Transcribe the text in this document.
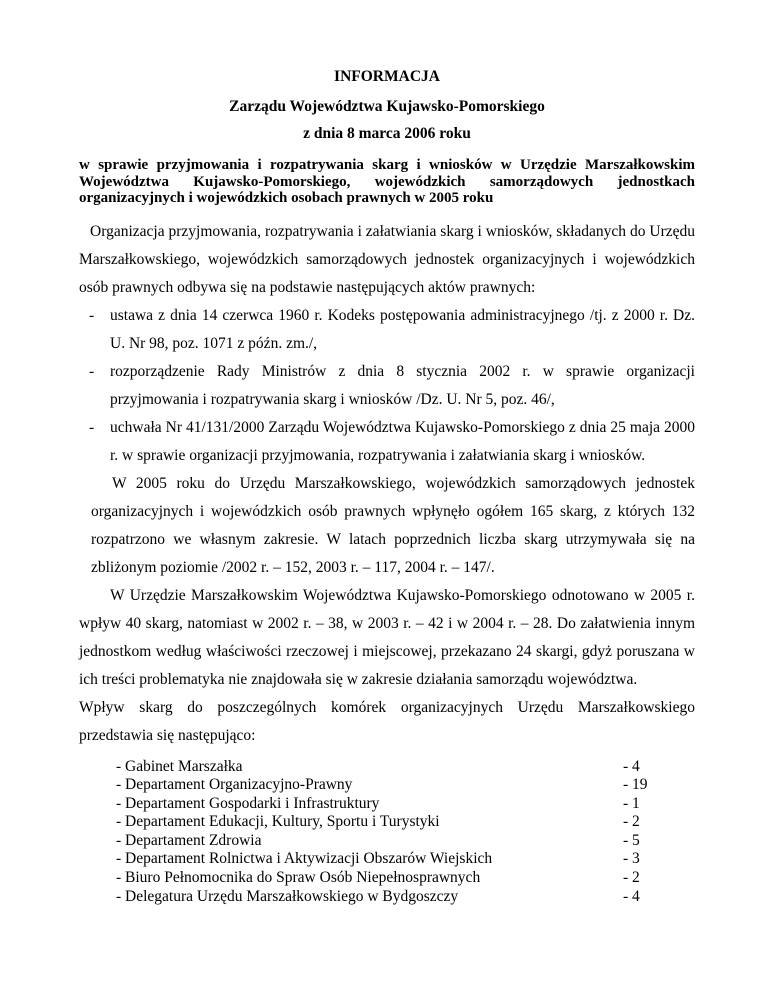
INFORMACJA
Zarządu Województwa Kujawsko-Pomorskiego
z dnia 8 marca 2006 roku

w sprawie przyjmowania i rozpatrywania skarg i wniosków w Urzędzie Marszałkowskim Województwa Kujawsko-Pomorskiego, wojewódzkich samorządowych jednostkach organizacyjnych i wojewódzkich osobach prawnych w 2005 roku

Organizacja przyjmowania, rozpatrywania i załatwiania skarg i wniosków, składanych do Urzędu Marszałkowskiego, wojewódzkich samorządowych jednostek organizacyjnych i wojewódzkich osób prawnych odbywa się na podstawie następujących aktów prawnych:

- ustawa z dnia 14 czerwca 1960 r. Kodeks postępowania administracyjnego /tj. z 2000 r. Dz. U. Nr 98, poz. 1071 z późn. zm./,
- rozporządzenie Rady Ministrów z dnia 8 stycznia 2002 r. w sprawie organizacji przyjmowania i rozpatrywania skarg i wniosków /Dz. U. Nr 5, poz. 46/,
- uchwała Nr 41/131/2000 Zarządu Województwa Kujawsko-Pomorskiego z dnia 25 maja 2000 r. w sprawie organizacji przyjmowania, rozpatrywania i załatwiania skarg i wniosków.

W 2005 roku do Urzędu Marszałkowskiego, wojewódzkich samorządowych jednostek organizacyjnych i wojewódzkich osób prawnych wpłynęło ogółem 165 skarg, z których 132 rozpatrzono we własnym zakresie. W latach poprzednich liczba skarg utrzymywała się na zbliżonym poziomie /2002 r. – 152, 2003 r. – 117, 2004 r. – 147/.

W Urzędzie Marszałkowskim Województwa Kujawsko-Pomorskiego odnotowano w 2005 r. wpływ 40 skarg, natomiast w 2002 r. – 38, w 2003 r. – 42 i w 2004 r. – 28. Do załatwienia innym jednostkom według właściwości rzeczowej i miejscowej, przekazano 24 skargi, gdyż poruszana w ich treści problematyka nie znajdowała się w zakresie działania samorządu województwa.

Wpływ skarg do poszczególnych komórek organizacyjnych Urzędu Marszałkowskiego przedstawia się następująco:

- Gabinet Marszałka	- 4
- Departament Organizacyjno-Prawny	- 19
- Departament Gospodarki i Infrastruktury	- 1
- Departament Edukacji, Kultury, Sportu i Turystyki	- 2
- Departament Zdrowia	- 5
- Departament Rolnictwa i Aktywizacji Obszarów Wiejskich	- 3
- Biuro Pełnomocnika do Spraw Osób Niepełnosprawnych	- 2
- Delegatura Urzędu Marszałkowskiego w Bydgoszczy	- 4
